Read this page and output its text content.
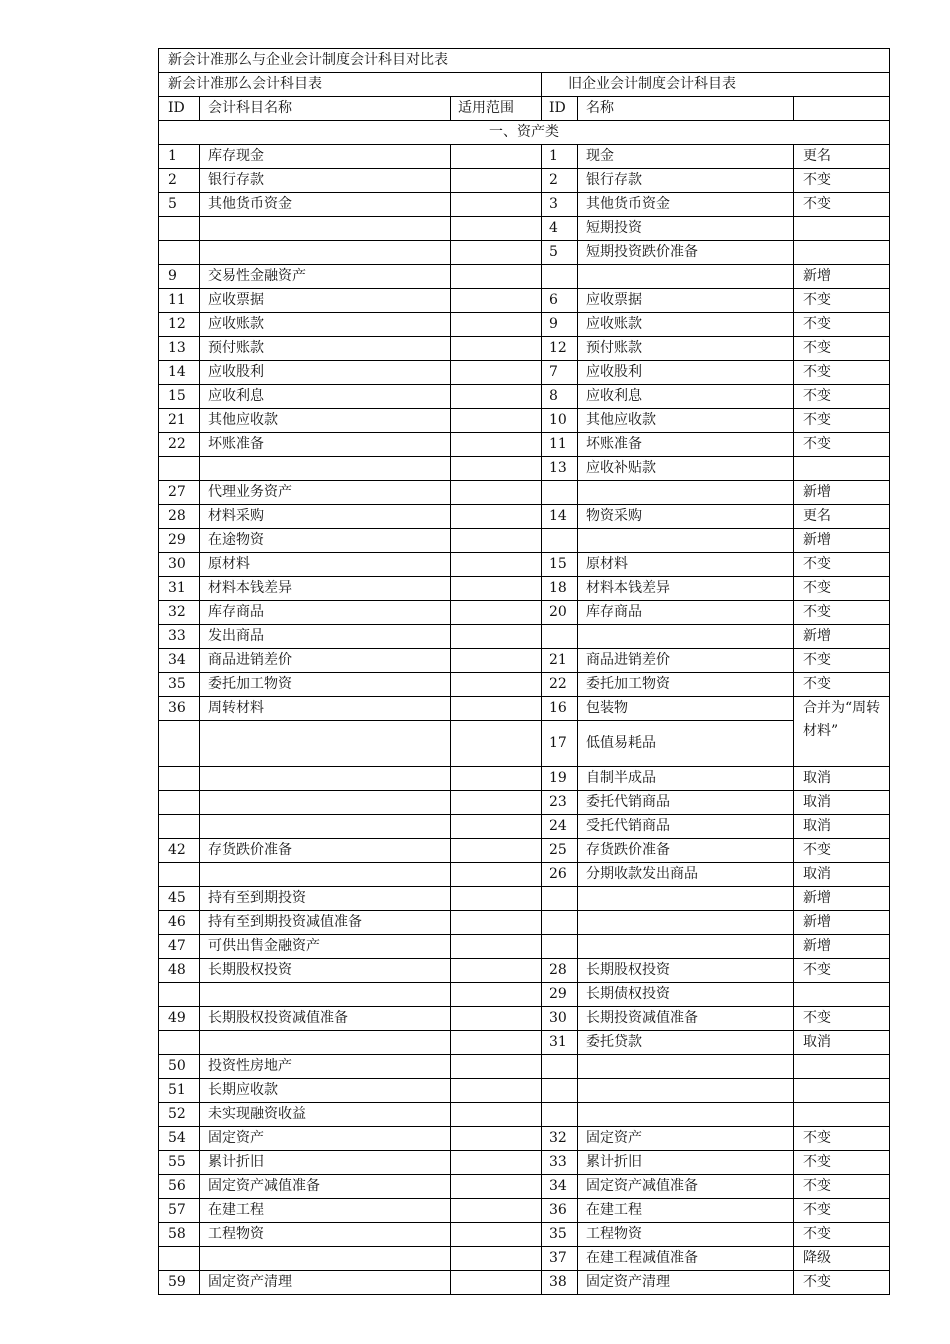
新会计准那么与企业会计制度会计科目对比表					
新会计准那么会计科目表			旧企业会计制度会计科目表		
ID	会计科目名称	适用范围	ID	名称	
一、资产类					
1	库存现金		1	现金	更名
2	银行存款		2	银行存款	不变
5	其他货币资金		3	其他货币资金	不变
			4	短期投资	
			5	短期投资跌价准备	
9	交易性金融资产				新增
11	应收票据		6	应收票据	不变
12	应收账款		9	应收账款	不变
13	预付账款		12	预付账款	不变
14	应收股利		7	应收股利	不变
15	应收利息		8	应收利息	不变
21	其他应收款		10	其他应收款	不变
22	坏账准备		11	坏账准备	不变
			13	应收补贴款	
27	代理业务资产				新增
28	材料采购		14	物资采购	更名
29	在途物资				新增
30	原材料		15	原材料	不变
31	材料本钱差异		18	材料本钱差异	不变
32	库存商品		20	库存商品	不变
33	发出商品				新增
34	商品进销差价		21	商品进销差价	不变
35	委托加工物资		22	委托加工物资	不变
36	周转材料		16	包装物	合并为“周转材料”
			17	低值易耗品	
			19	自制半成品	取消
			23	委托代销商品	取消
			24	受托代销商品	取消
42	存货跌价准备		25	存货跌价准备	不变
			26	分期收款发出商品	取消
45	持有至到期投资				新增
46	持有至到期投资减值准备				新增
47	可供出售金融资产				新增
48	长期股权投资		28	长期股权投资	不变
			29	长期债权投资	
49	长期股权投资减值准备		30	长期投资减值准备	不变
			31	委托贷款	取消
50	投资性房地产				
51	长期应收款				
52	未实现融资收益				
54	固定资产		32	固定资产	不变
55	累计折旧		33	累计折旧	不变
56	固定资产减值准备		34	固定资产减值准备	不变
57	在建工程		36	在建工程	不变
58	工程物资		35	工程物资	不变
			37	在建工程减值准备	降级
59	固定资产清理		38	固定资产清理	不变
